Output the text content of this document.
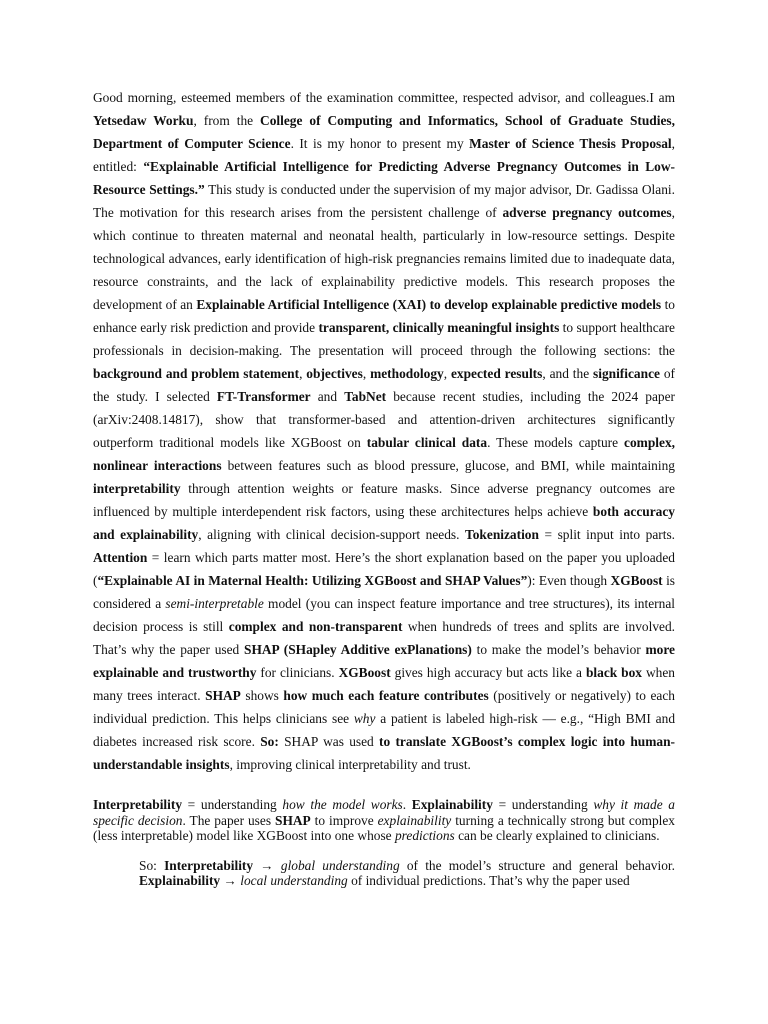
Good morning, esteemed members of the examination committee, respected advisor, and colleagues.I am Yetsedaw Worku, from the College of Computing and Informatics, School of Graduate Studies, Department of Computer Science. It is my honor to present my Master of Science Thesis Proposal, entitled: “Explainable Artificial Intelligence for Predicting Adverse Pregnancy Outcomes in Low-Resource Settings.” This study is conducted under the supervision of my major advisor, Dr. Gadissa Olani. The motivation for this research arises from the persistent challenge of adverse pregnancy outcomes, which continue to threaten maternal and neonatal health, particularly in low-resource settings. Despite technological advances, early identification of high-risk pregnancies remains limited due to inadequate data, resource constraints, and the lack of explainability predictive models. This research proposes the development of an Explainable Artificial Intelligence (XAI) to develop explainable predictive models to enhance early risk prediction and provide transparent, clinically meaningful insights to support healthcare professionals in decision-making. The presentation will proceed through the following sections: the background and problem statement, objectives, methodology, expected results, and the significance of the study. I selected FT-Transformer and TabNet because recent studies, including the 2024 paper (arXiv:2408.14817), show that transformer-based and attention-driven architectures significantly outperform traditional models like XGBoost on tabular clinical data. These models capture complex, nonlinear interactions between features such as blood pressure, glucose, and BMI, while maintaining interpretability through attention weights or feature masks. Since adverse pregnancy outcomes are influenced by multiple interdependent risk factors, using these architectures helps achieve both accuracy and explainability, aligning with clinical decision-support needs. Tokenization = split input into parts. Attention = learn which parts matter most. Here’s the short explanation based on the paper you uploaded (“Explainable AI in Maternal Health: Utilizing XGBoost and SHAP Values”): Even though XGBoost is considered a semi-interpretable model (you can inspect feature importance and tree structures), its internal decision process is still complex and non-transparent when hundreds of trees and splits are involved. That’s why the paper used SHAP (SHapley Additive exPlanations) to make the model’s behavior more explainable and trustworthy for clinicians. XGBoost gives high accuracy but acts like a black box when many trees interact. SHAP shows how much each feature contributes (positively or negatively) to each individual prediction. This helps clinicians see why a patient is labeled high-risk — e.g., “High BMI and diabetes increased risk score. So: SHAP was used to translate XGBoost’s complex logic into human-understandable insights, improving clinical interpretability and trust.

Interpretability = understanding how the model works. Explainability = understanding why it made a specific decision. The paper uses SHAP to improve explainability turning a technically strong but complex (less interpretable) model like XGBoost into one whose predictions can be clearly explained to clinicians.

So: Interpretability → global understanding of the model’s structure and general behavior. Explainability → local understanding of individual predictions. That’s why the paper used
